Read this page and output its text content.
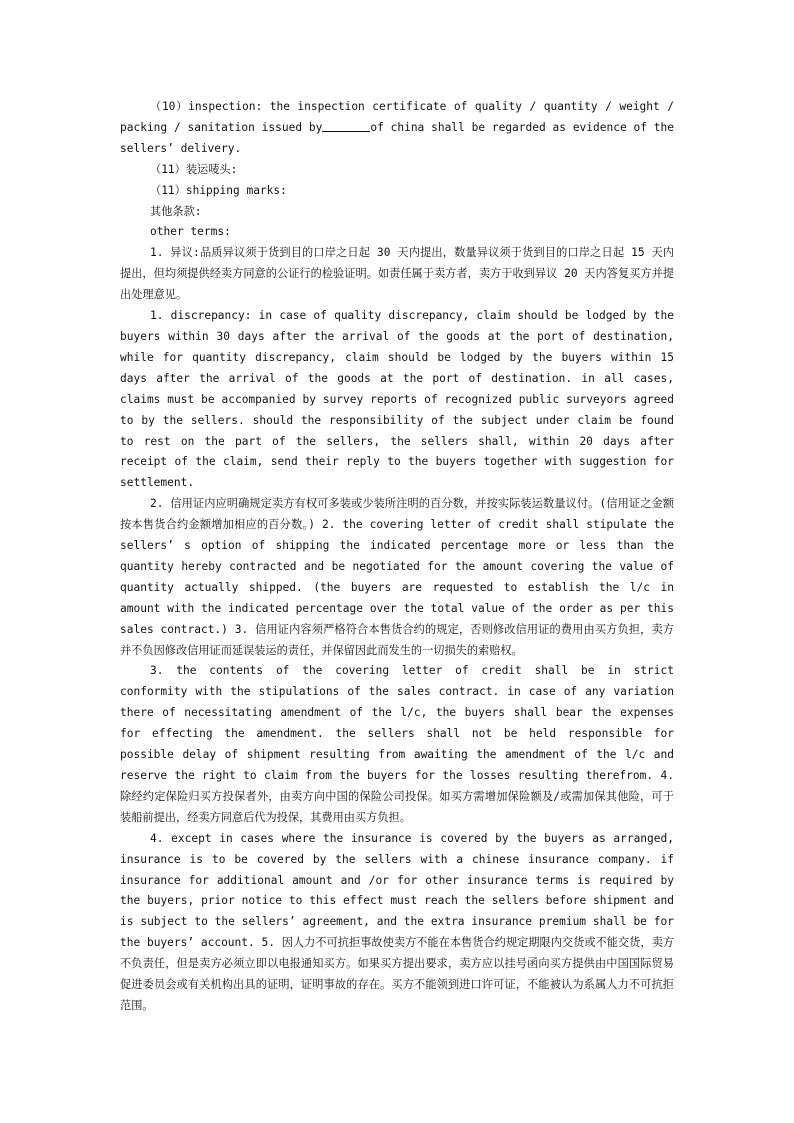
（10）inspection: the inspection certificate of quality / quantity / weight / packing / sanitation issued by	of china shall be regarded as evidence of the sellers’ delivery.

（11）装运唛头:

（11）shipping marks:

其他条款:

other terms:

1. 异议:品质异议须于货到目的口岸之日起 30 天内提出，数量异议须于货到目的口岸之日起 15 天内提出，但均须提供经卖方同意的公证行的检验证明。如责任属于卖方者，卖方于收到异议 20 天内答复买方并提出处理意见。

1. discrepancy: in case of quality discrepancy, claim should be lodged by the buyers within 30 days after the arrival of the goods at the port of destination, while for quantity discrepancy, claim should be lodged by the buyers within 15 days after the arrival of the goods at the port of destination. in all cases, claims must be accompanied by survey reports of recognized public surveyors agreed to by the sellers. should the responsibility of the subject under claim be found to rest on the part of the sellers, the sellers shall, within 20 days after receipt of the claim, send their reply to the buyers together with suggestion for settlement.

2. 信用证内应明确规定卖方有权可多装或少装所注明的百分数，并按实际装运数量议付。(信用证之金额按本售货合约金额增加相应的百分数。) 2. the covering letter of credit shall stipulate the sellers’ s option of shipping the indicated percentage more or less than the quantity hereby contracted and be negotiated for the amount covering the value of quantity actually shipped. (the buyers are requested to establish the l/c in amount with the indicated percentage over the total value of the order as per this sales contract.) 3. 信用证内容须严格符合本售货合约的规定，否则修改信用证的费用由买方负担，卖方并不负因修改信用证而延误装运的责任，并保留因此而发生的一切损失的索赔权。

3. the contents of the covering letter of credit shall be in strict conformity with the stipulations of the sales contract. in case of any variation there of necessitating amendment of the l/c, the buyers shall bear the expenses for effecting the amendment. the sellers shall not be held responsible for possible delay of shipment resulting from awaiting the amendment of the l/c and reserve the right to claim from the buyers for the losses resulting therefrom. 4. 除经约定保险归买方投保者外，由卖方向中国的保险公司投保。如买方需增加保险额及/或需加保其他险，可于装船前提出，经卖方同意后代为投保，其费用由买方负担。

4. except in cases where the insurance is covered by the buyers as arranged, insurance is to be covered by the sellers with a chinese insurance company. if insurance for additional amount and /or for other insurance terms is required by the buyers, prior notice to this effect must reach the sellers before shipment and is subject to the sellers’ agreement, and the extra insurance premium shall be for the buyers’ account. 5. 因人力不可抗拒事故使卖方不能在本售货合约规定期限内交货或不能交货，卖方不负责任，但是卖方必须立即以电报通知买方。如果买方提出要求，卖方应以挂号函向买方提供由中国国际贸易促进委员会或有关机构出具的证明，证明事故的存在。买方不能领到进口许可证，不能被认为系属人力不可抗拒范围。
